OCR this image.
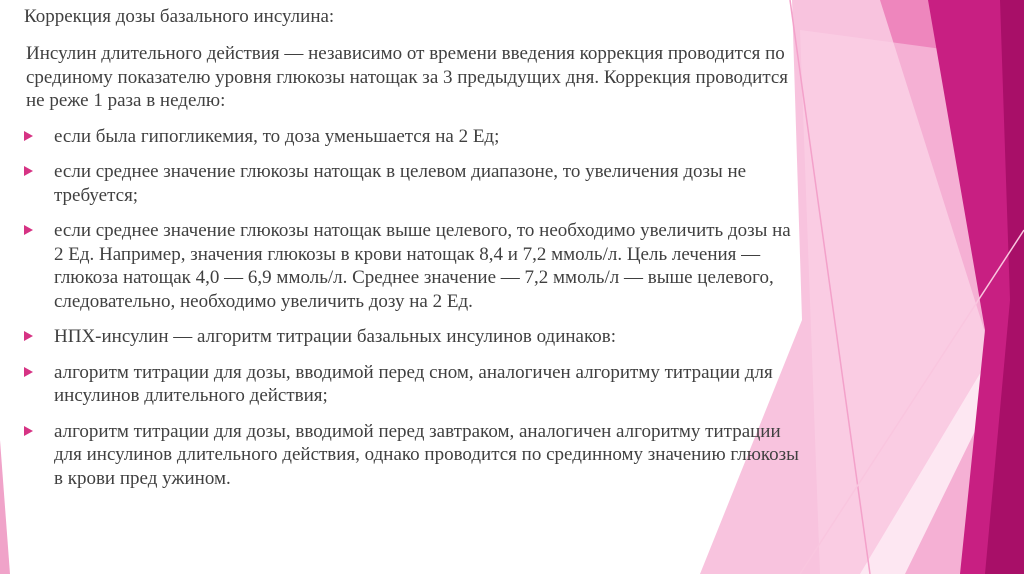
Коррекция дозы базального инсулина:
Инсулин длительного действия — независимо от времени введения коррекция проводится по срединому показателю уровня глюкозы натощак за 3 предыдущих дня. Коррекция проводится не реже 1 раза в неделю:
если была гипогликемия, то доза уменьшается на 2 Ед;
если среднее значение глюкозы натощак в целевом диапазоне, то увеличения дозы не требуется;
если среднее значение глюкозы натощак выше целевого, то необходимо увеличить дозы на 2 Ед. Например, значения глюкозы в крови натощак 8,4 и 7,2 ммоль/л. Цель лечения — глюкоза натощак 4,0 — 6,9 ммоль/л. Среднее значение — 7,2 ммоль/л — выше целевого, следовательно, необходимо увеличить дозу на 2 Ед.
НПХ-инсулин — алгоритм титрации базальных инсулинов одинаков:
алгоритм титрации для дозы, вводимой перед сном, аналогичен алгоритму титрации для инсулинов длительного действия;
алгоритм титрации для дозы, вводимой перед завтраком, аналогичен алгоритму титрации для инсулинов длительного действия, однако проводится по срединному значению глюкозы в крови пред ужином.
